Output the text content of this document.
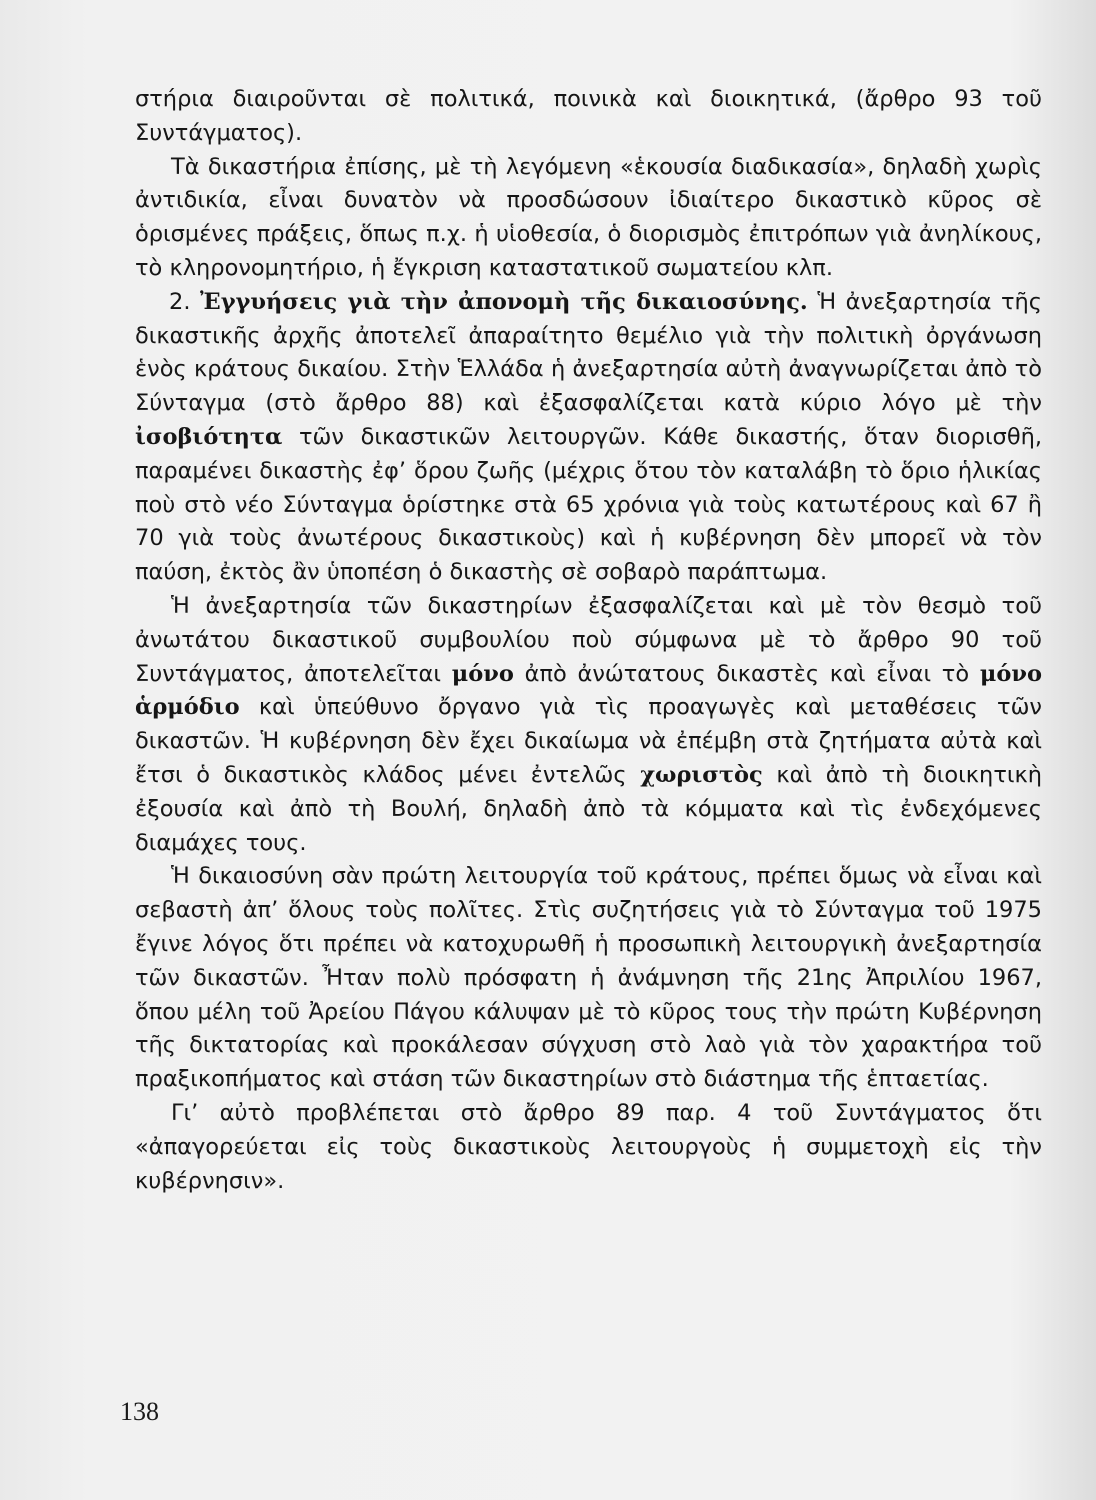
στήρια διαιροῦνται σὲ πολιτικά, ποινικὰ καὶ διοικητικά, (ἄρθρο 93 τοῦ Συντάγματος).

Τὰ δικαστήρια ἐπίσης, μὲ τὴ λεγόμενη «ἑκουσία διαδικασία», δηλαδὴ χωρὶς ἀντιδικία, εἶναι δυνατὸν νὰ προσδώσουν ἰδιαίτερο δικαστικὸ κῦρος σὲ ὁρισμένες πράξεις, ὅπως π.χ. ἡ υἱοθεσία, ὁ διορισμὸς ἐπιτρόπων γιὰ ἀνηλίκους, τὸ κληρονομητήριο, ἡ ἔγκριση καταστατικοῦ σωματείου κλπ.

2. Ἐγγυήσεις γιὰ τὴν ἀπονομὴ τῆς δικαιοσύνης. Ἡ ἀνεξαρτησία τῆς δικαστικῆς ἀρχῆς ἀποτελεῖ ἀπαραίτητο θεμέλιο γιὰ τὴν πολιτικὴ ὀργάνωση ἑνὸς κράτους δικαίου. Στὴν Ἑλλάδα ἡ ἀνεξαρτησία αὐτὴ ἀναγνωρίζεται ἀπὸ τὸ Σύνταγμα (στὸ ἄρθρο 88) καὶ ἐξασφαλίζεται κατὰ κύριο λόγο μὲ τὴν ἰσοβιότητα τῶν δικαστικῶν λειτουργῶν. Κάθε δικαστής, ὅταν διορισθῆ, παραμένει δικαστὴς ἐφ’ ὅρου ζωῆς (μέχρις ὅτου τὸν καταλάβη τὸ ὅριο ἡλικίας ποὺ στὸ νέο Σύνταγμα ὁρίστηκε στὰ 65 χρόνια γιὰ τοὺς κατωτέρους καὶ 67 ἢ 70 γιὰ τοὺς ἀνωτέρους δικαστικοὺς) καὶ ἡ κυβέρνηση δὲν μπορεῖ νὰ τὸν παύση, ἐκτὸς ἂν ὑποπέση ὁ δικαστὴς σὲ σοβαρὸ παράπτωμα.

Ἡ ἀνεξαρτησία τῶν δικαστηρίων ἐξασφαλίζεται καὶ μὲ τὸν θεσμὸ τοῦ ἀνωτάτου δικαστικοῦ συμβουλίου ποὺ σύμφωνα μὲ τὸ ἄρθρο 90 τοῦ Συντάγματος, ἀποτελεῖται μόνο ἀπὸ ἀνώτατους δικαστὲς καὶ εἶναι τὸ μόνο ἁρμόδιο καὶ ὑπεύθυνο ὄργανο γιὰ τὶς προαγωγὲς καὶ μεταθέσεις τῶν δικαστῶν. Ἡ κυβέρνηση δὲν ἔχει δικαίωμα νὰ ἐπέμβη στὰ ζητήματα αὐτὰ καὶ ἔτσι ὁ δικαστικὸς κλάδος μένει ἐντελῶς χωριστὸς καὶ ἀπὸ τὴ διοικητικὴ ἐξουσία καὶ ἀπὸ τὴ Βουλή, δηλαδὴ ἀπὸ τὰ κόμματα καὶ τὶς ἐνδεχόμενες διαμάχες τους.

Ἡ δικαιοσύνη σὰν πρώτη λειτουργία τοῦ κράτους, πρέπει ὅμως νὰ εἶναι καὶ σεβαστὴ ἀπ’ ὅλους τοὺς πολῖτες. Στὶς συζητήσεις γιὰ τὸ Σύνταγμα τοῦ 1975 ἔγινε λόγος ὅτι πρέπει νὰ κατοχυρωθῆ ἡ προσωπικὴ λειτουργικὴ ἀνεξαρτησία τῶν δικαστῶν. Ἦταν πολὺ πρόσφατη ἡ ἀνάμνηση τῆς 21ης Ἀπριλίου 1967, ὅπου μέλη τοῦ Ἀρείου Πάγου κάλυψαν μὲ τὸ κῦρος τους τὴν πρώτη Κυβέρνηση τῆς δικτατορίας καὶ προκάλεσαν σύγχυση στὸ λαὸ γιὰ τὸν χαρακτήρα τοῦ πραξικοπήματος καὶ στάση τῶν δικαστηρίων στὸ διάστημα τῆς ἑπταετίας.

Γι’ αὐτὸ προβλέπεται στὸ ἄρθρο 89 παρ. 4 τοῦ Συντάγματος ὅτι «ἀπαγορεύεται εἰς τοὺς δικαστικοὺς λειτουργοὺς ἡ συμμετοχὴ εἰς τὴν κυβέρνησιν».

138
